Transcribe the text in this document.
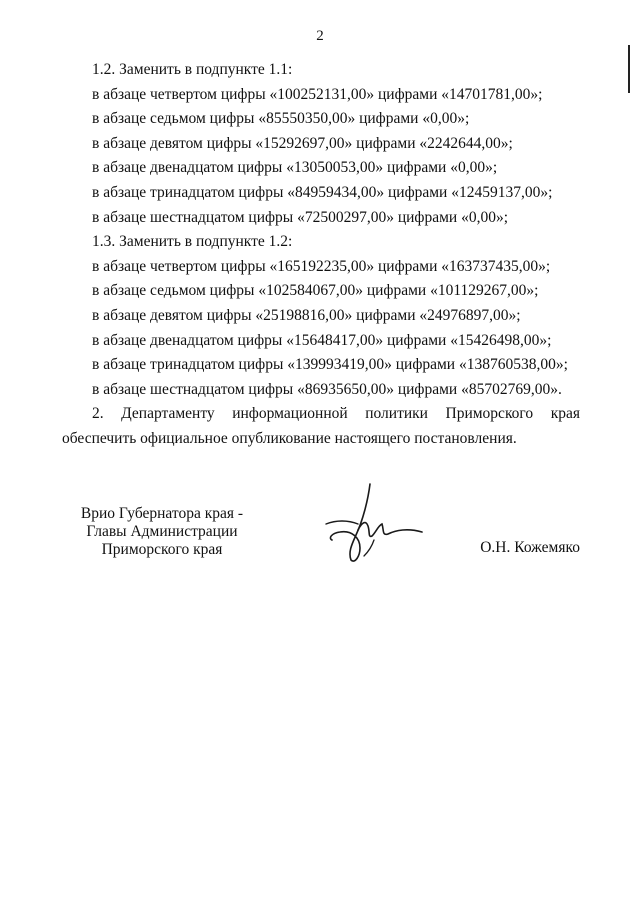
2
1.2. Заменить в подпункте 1.1:
в абзаце четвертом цифры «100252131,00» цифрами «14701781,00»;
в абзаце седьмом цифры «85550350,00» цифрами «0,00»;
в абзаце девятом цифры «15292697,00» цифрами «2242644,00»;
в абзаце двенадцатом цифры «13050053,00» цифрами «0,00»;
в абзаце тринадцатом цифры «84959434,00» цифрами «12459137,00»;
в абзаце шестнадцатом цифры «72500297,00» цифрами «0,00»;
1.3. Заменить в подпункте 1.2:
в абзаце четвертом цифры «165192235,00» цифрами «163737435,00»;
в абзаце седьмом цифры «102584067,00» цифрами «101129267,00»;
в абзаце девятом цифры «25198816,00» цифрами «24976897,00»;
в абзаце двенадцатом цифры «15648417,00» цифрами «15426498,00»;
в абзаце тринадцатом цифры «139993419,00» цифрами «138760538,00»;
в абзаце шестнадцатом цифры «86935650,00» цифрами «85702769,00».
2. Департаменту информационной политики Приморского края
обеспечить официальное опубликование настоящего постановления.
Врио Губернатора края -
Главы Администрации
Приморского края	О.Н. Кожемяко
